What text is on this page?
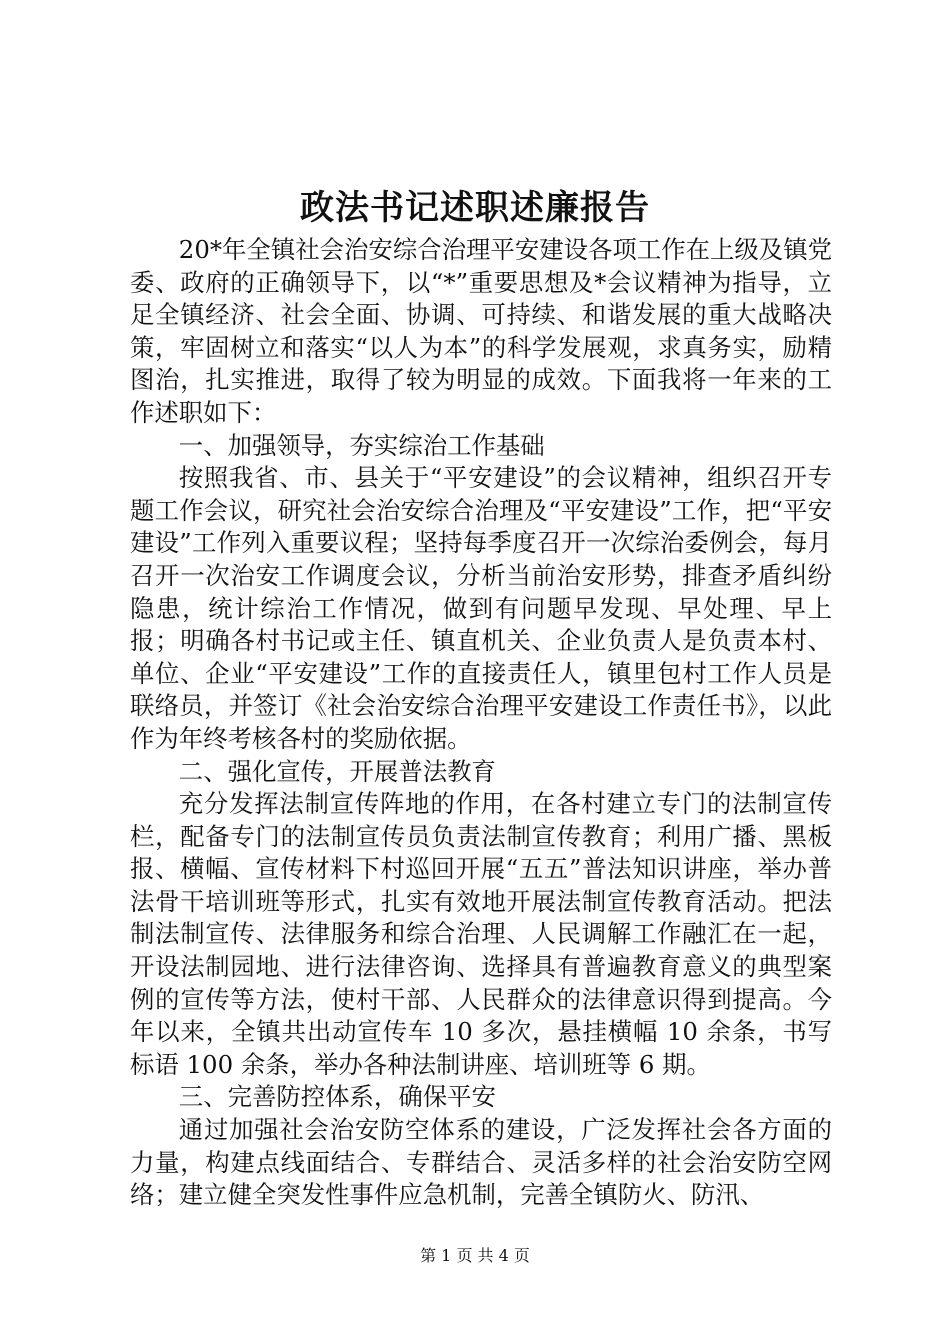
政法书记述职述廉报告

20*年全镇社会治安综合治理平安建设各项工作在上级及镇党委、政府的正确领导下，以“*”重要思想及*会议精神为指导，立足全镇经济、社会全面、协调、可持续、和谐发展的重大战略决策，牢固树立和落实“以人为本”的科学发展观，求真务实，励精图治，扎实推进，取得了较为明显的成效。下面我将一年来的工作述职如下：

一、加强领导，夯实综治工作基础

按照我省、市、县关于“平安建设”的会议精神，组织召开专题工作会议，研究社会治安综合治理及“平安建设”工作，把“平安建设”工作列入重要议程；坚持每季度召开一次综治委例会，每月召开一次治安工作调度会议，分析当前治安形势，排查矛盾纠纷隐患，统计综治工作情况，做到有问题早发现、早处理、早上报；明确各村书记或主任、镇直机关、企业负责人是负责本村、单位、企业“平安建设”工作的直接责任人，镇里包村工作人员是联络员，并签订《社会治安综合治理平安建设工作责任书》，以此作为年终考核各村的奖励依据。

二、强化宣传，开展普法教育

充分发挥法制宣传阵地的作用，在各村建立专门的法制宣传栏，配备专门的法制宣传员负责法制宣传教育；利用广播、黑板报、横幅、宣传材料下村巡回开展“五五”普法知识讲座，举办普法骨干培训班等形式，扎实有效地开展法制宣传教育活动。把法制法制宣传、法律服务和综合治理、人民调解工作融汇在一起，开设法制园地、进行法律咨询、选择具有普遍教育意义的典型案例的宣传等方法，使村干部、人民群众的法律意识得到提高。今年以来，全镇共出动宣传车 10 多次，悬挂横幅 10 余条，书写标语 100 余条，举办各种法制讲座、培训班等 6 期。

三、完善防控体系，确保平安

通过加强社会治安防空体系的建设，广泛发挥社会各方面的力量，构建点线面结合、专群结合、灵活多样的社会治安防空网络；建立健全突发性事件应急机制，完善全镇防火、防汛、

第 1 页 共 4 页
